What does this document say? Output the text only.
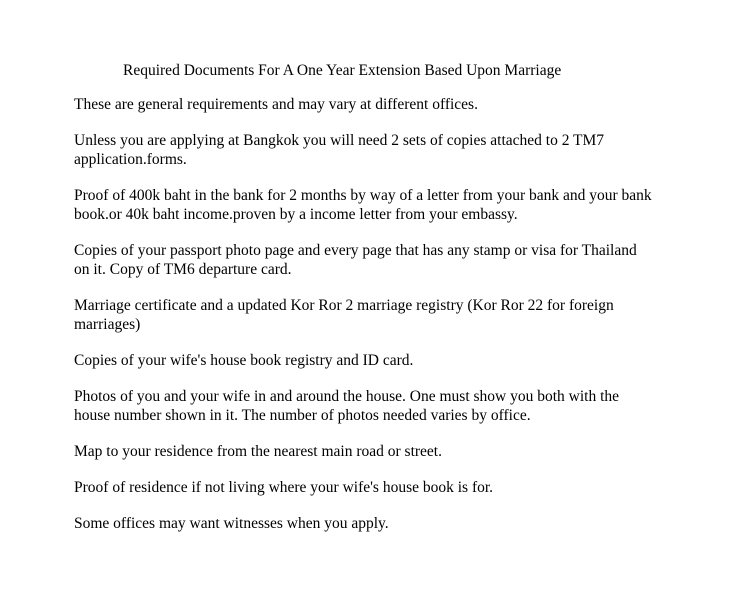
Required Documents For A One Year Extension Based Upon Marriage

These are general requirements and may vary at different offices.

Unless you are applying at Bangkok you will need 2 sets of copies attached to 2 TM7 application.forms.

Proof of 400k baht in the bank for 2 months by way of a letter from your bank and your bank book.or 40k baht income.proven by a income letter from your embassy.

Copies of your passport photo page and every page that has any stamp or visa for Thailand on it. Copy of TM6 departure card.

Marriage certificate and a updated Kor Ror 2 marriage registry (Kor Ror 22 for foreign marriages)

Copies of your wife's house book registry and ID card.

Photos of you and your wife in and around the house. One must show you both with the house number shown in it. The number of photos needed varies by office.

Map to your residence from the nearest main road or street.

Proof of residence if not living where your wife's house book is for.

Some offices may want witnesses when you apply.
